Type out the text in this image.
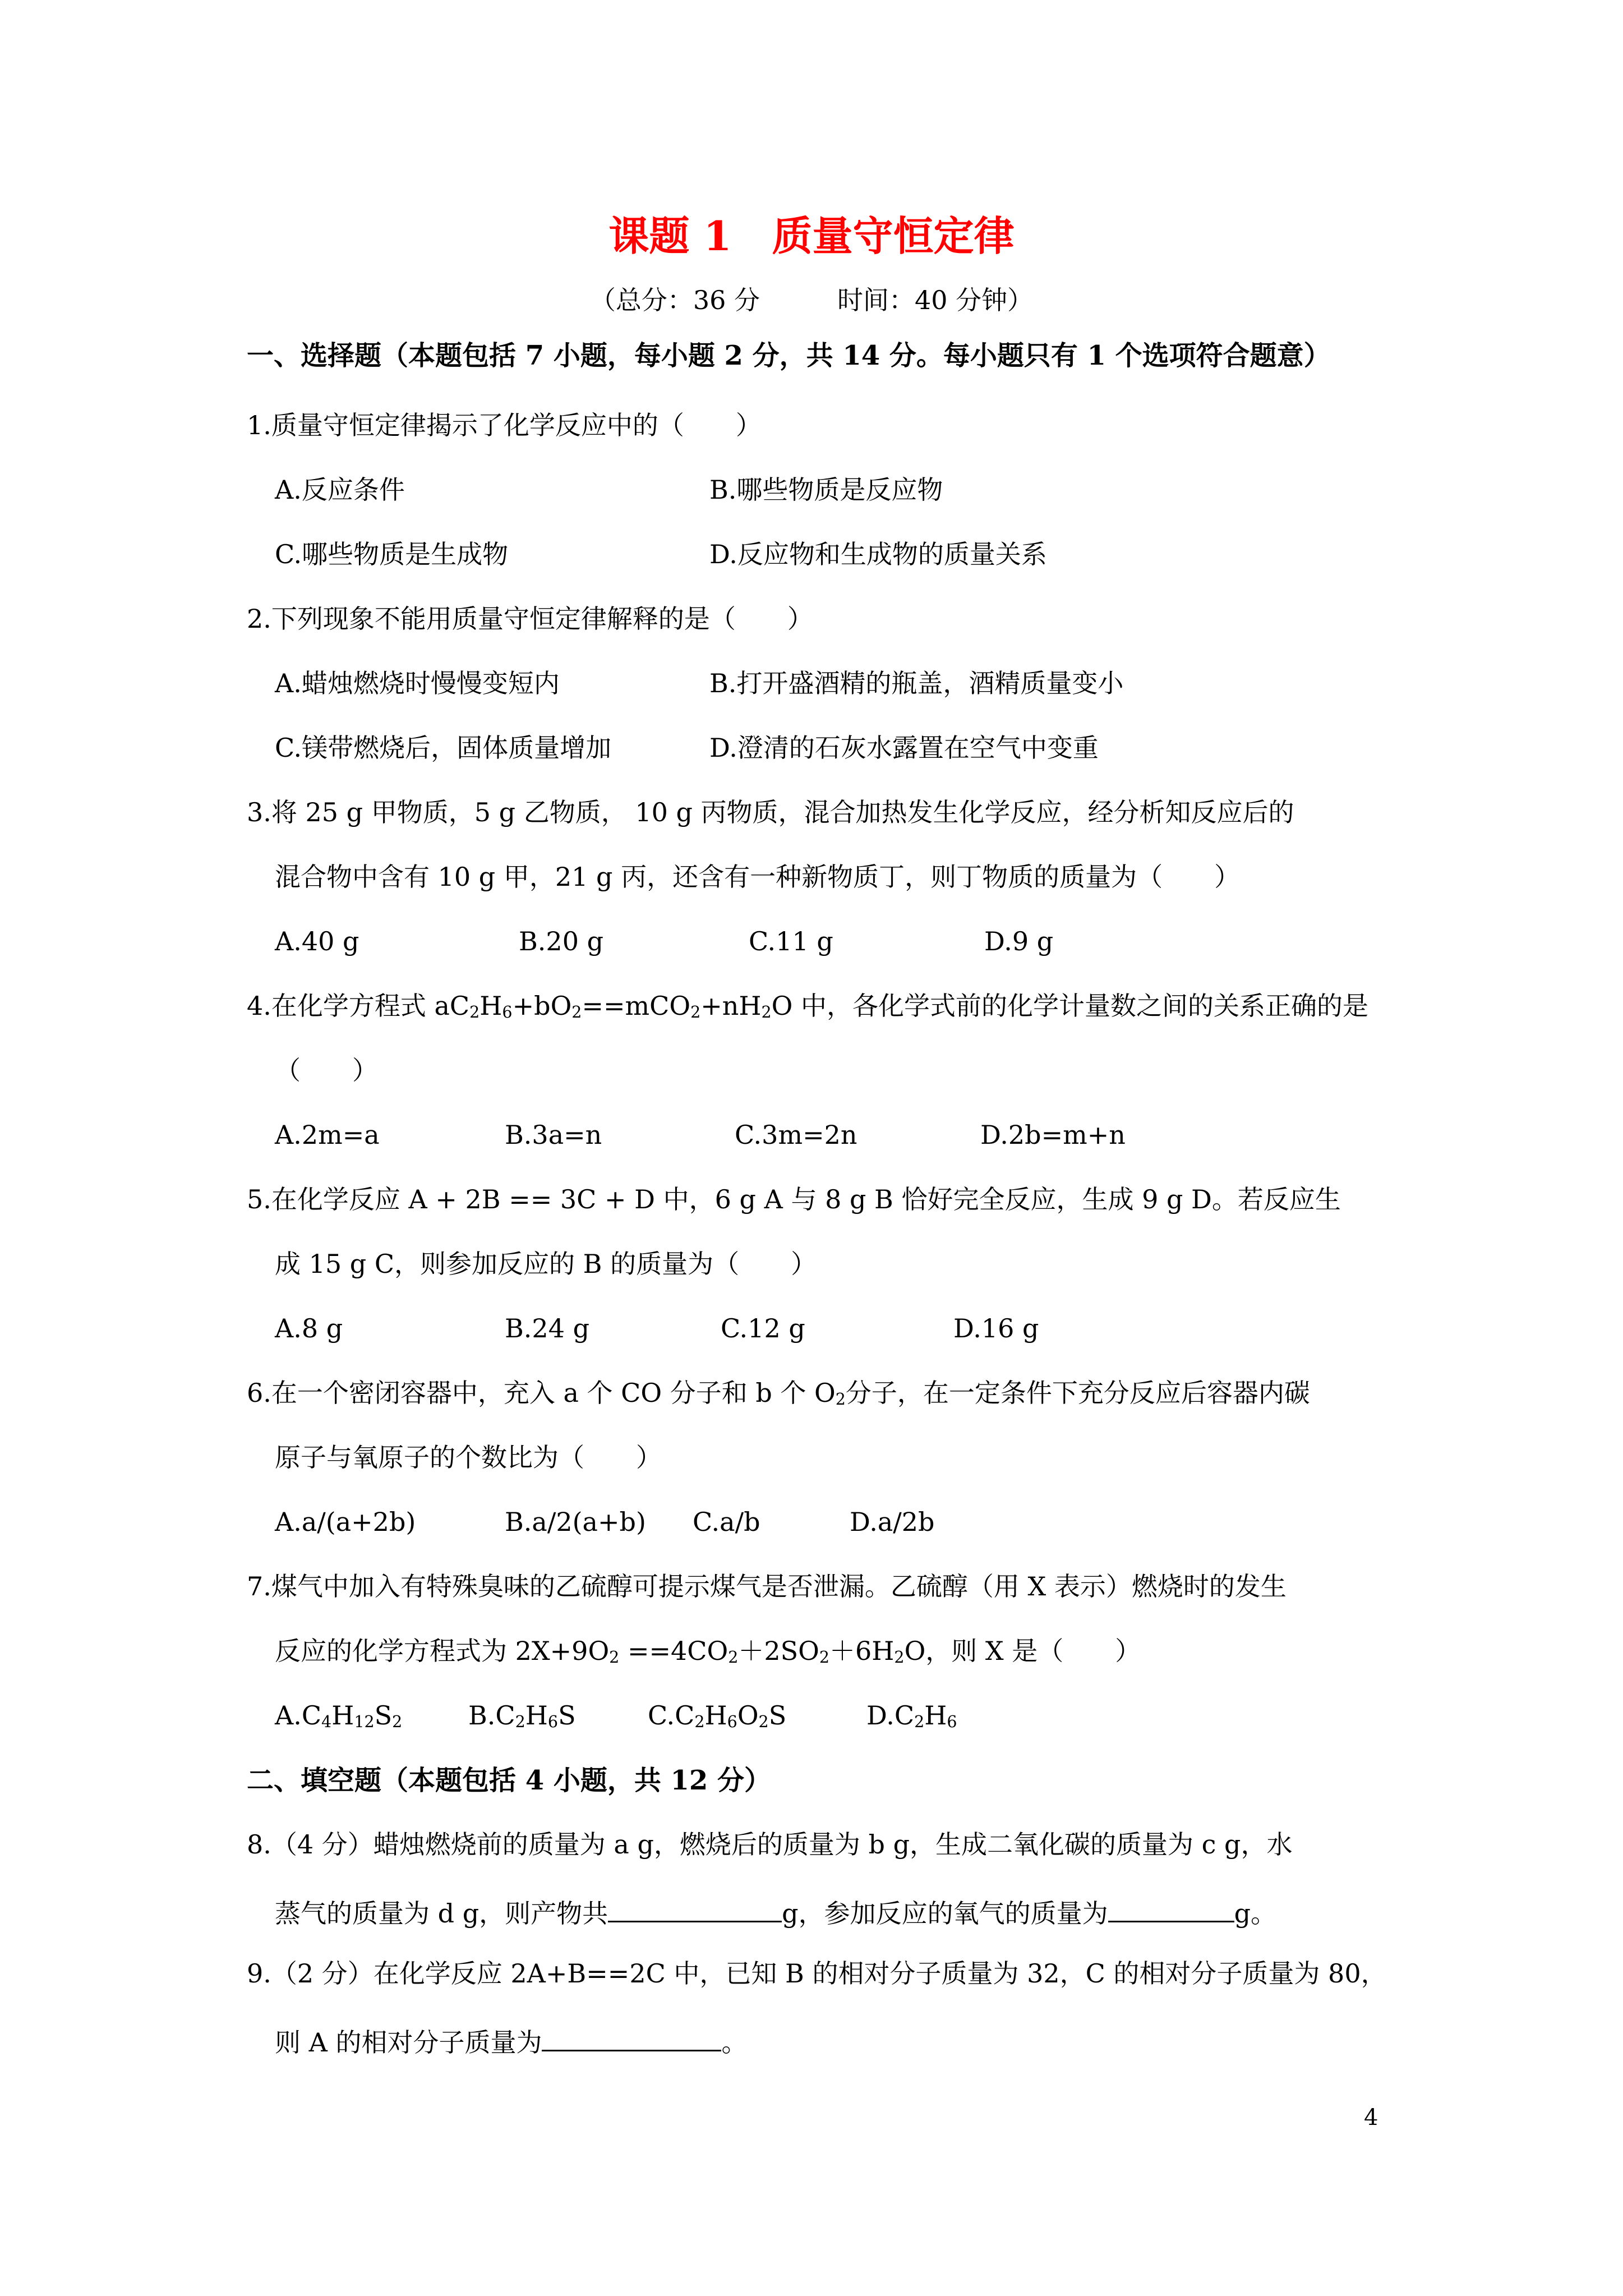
课题 1　质量守恒定律
（总分：36 分　　　时间：40 分钟）
一、选择题（本题包括 7 小题，每小题 2 分，共 14 分。每小题只有 1 个选项符合题意）
1.质量守恒定律揭示了化学反应中的（　　）
A.反应条件	B.哪些物质是反应物
C.哪些物质是生成物	D.反应物和生成物的质量关系
2.下列现象不能用质量守恒定律解释的是（　　）
A.蜡烛燃烧时慢慢变短内	B.打开盛酒精的瓶盖，酒精质量变小
C.镁带燃烧后，固体质量增加	D.澄清的石灰水露置在空气中变重
3.将 25 g 甲物质，5 g 乙物质， 10 g 丙物质，混合加热发生化学反应，经分析知反应后的
混合物中含有 10 g 甲，21 g 丙，还含有一种新物质丁，则丁物质的质量为（　　）
A.40 g	B.20 g	C.11 g	D.9 g
4.在化学方程式 $aC_2H_6+bO_2==mCO_2+nH_2O$ 中，各化学式前的化学计量数之间的关系正确的是
（　　）
A.2m=a	B.3a=n	C.3m=2n	D.2b=m+n
5.在化学反应 A + 2B == 3C + D 中，6 g A 与 8 g B 恰好完全反应，生成 9 g D。若反应生
成 15 g C，则参加反应的 B 的质量为（　　）
A.8 g	B.24 g	C.12 g	D.16 g
6.在一个密闭容器中，充入 a 个 CO 分子和 b 个 $O_2$分子，在一定条件下充分反应后容器内碳
原子与氧原子的个数比为（　　）
A.a/(a+2b)	B.a/2(a+b) C.a/b	D.a/2b
7.煤气中加入有特殊臭味的乙硫醇可提示煤气是否泄漏。乙硫醇（用 X 表示）燃烧时的发生
反应的化学方程式为 $2X+9O_2 ==4CO_2+2SO_2+6H_2O$，则 X 是（　　）
$A.C_4H_{12}S_2$	$B.C_2H_6S$	$C.C_2H_6O_2S$	$D.C_2H_6$
二、填空题（本题包括 4 小题，共 12 分）
8.（4 分）蜡烛燃烧前的质量为 a g，燃烧后的质量为 b g，生成二氧化碳的质量为 c g，水
蒸气的质量为 d g，则产物共	g，参加反应的氧气的质量为	g。
9.（2 分）在化学反应 2A+B==2C 中，已知 B 的相对分子质量为 32，C 的相对分子质量为 80，
则 A 的相对分子质量为	。
4
